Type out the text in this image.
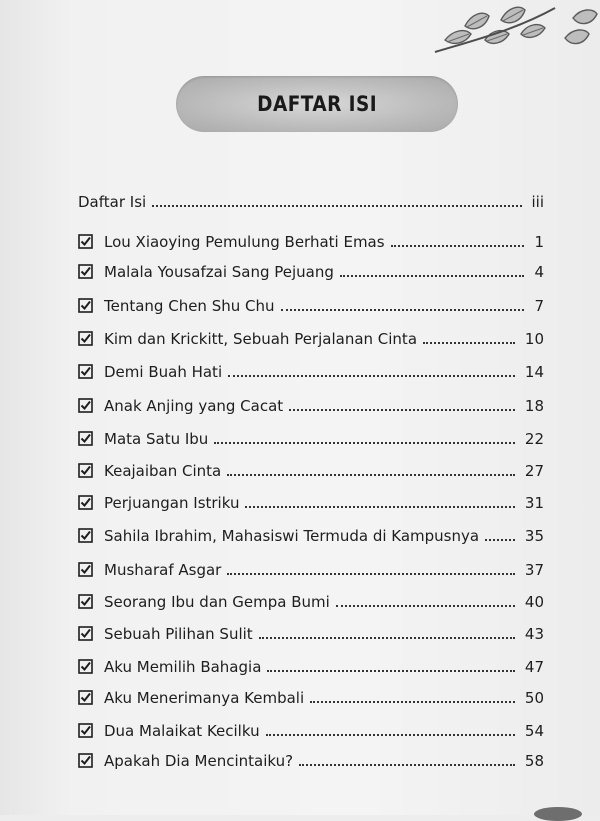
DAFTAR ISI
Daftar Isi	iii
Lou Xiaoying Pemulung Berhati Emas	1
Malala Yousafzai Sang Pejuang	4
Tentang Chen Shu Chu	7
Kim dan Krickitt, Sebuah Perjalanan Cinta	10
Demi Buah Hati	14
Anak Anjing yang Cacat	18
Mata Satu Ibu	22
Keajaiban Cinta	27
Perjuangan Istriku	31
Sahila Ibrahim, Mahasiswi Termuda di Kampusnya	35
Musharaf Asgar	37
Seorang Ibu dan Gempa Bumi	40
Sebuah Pilihan Sulit	43
Aku Memilih Bahagia	47
Aku Menerimanya Kembali	50
Dua Malaikat Kecilku	54
Apakah Dia Mencintaiku?	58
